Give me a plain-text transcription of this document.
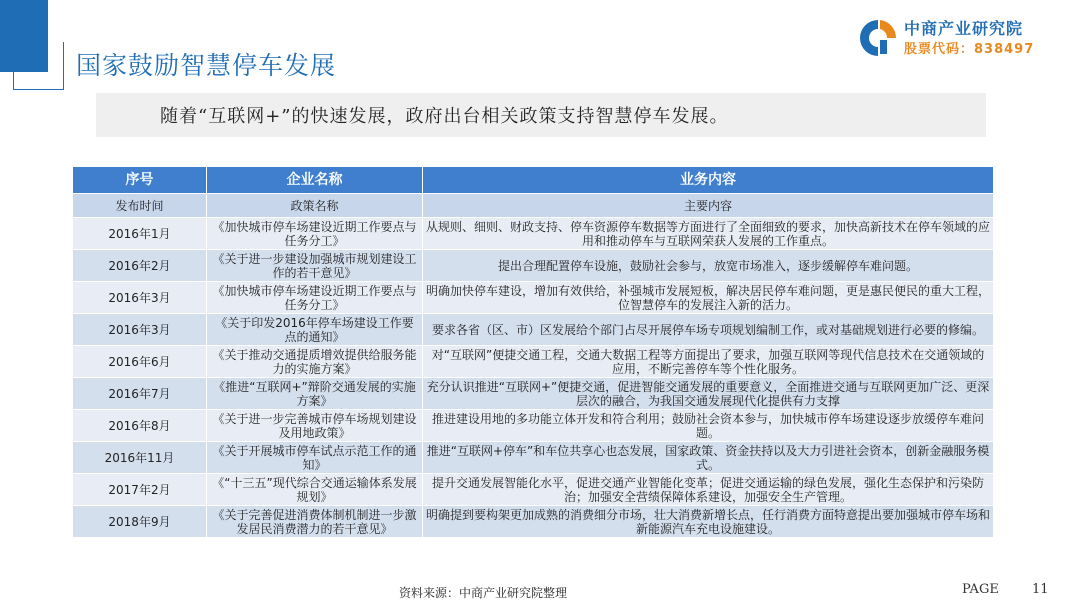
国家鼓励智慧停车发展
中商产业研究院
股票代码：838497
随着“互联网+”的快速发展，政府出台相关政策支持智慧停车发展。
序号	企业名称	业务内容
发布时间	政策名称	主要内容
2016年1月	《加快城市停车场建设近期工作要点与任务分工》	从规则、细则、财政支持、停车资源停车数据等方面进行了全面细致的要求，加快高新技术在停车领域的应用和推动停车与互联网荣获人发展的工作重点。
2016年2月	《关于进一步建设加强城市规划建设工作的若干意见》	提出合理配置停车设施，鼓励社会参与，放宽市场准入，逐步缓解停车难问题。
2016年3月	《加快城市停车场建设近期工作要点与任务分工》	明确加快停车建设，增加有效供给，补强城市发展短板，解决居民停车难问题，更是惠民便民的重大工程，位智慧停车的发展注入新的活力。
2016年3月	《关于印发2016年停车场建设工作要点的通知》	要求各省（区、市）区发展给个部门占尽开展停车场专项规划编制工作，或对基础规划进行必要的修编。
2016年6月	《关于推动交通提质增效提供给服务能力的实施方案》	对“互联网”便捷交通工程，交通大数据工程等方面提出了要求，加强互联网等现代信息技术在交通领域的应用，不断完善停车等个性化服务。
2016年7月	《推进“互联网+”辩阶交通发展的实施方案》	充分认识推进“互联网+”便捷交通，促进智能交通发展的重要意义，全面推进交通与互联网更加广泛、更深层次的融合，为我国交通发展现代化提供有力支撑
2016年8月	《关于进一步完善城市停车场规划建设及用地政策》	推进建设用地的多功能立体开发和符合利用；鼓励社会资本参与，加快城市停车场建设逐步放缓停车难问题。
2016年11月	《关于开展城市停车试点示范工作的通知》	推进“互联网+停车”和车位共享心也态发展，国家政策、资金扶持以及大力引进社会资本，创新金融服务模式。
2017年2月	《“十三五”现代综合交通运输体系发展规划》	提升交通发展智能化水平，促进交通产业智能化变革；促进交通运输的绿色发展，强化生态保护和污染防治；加强安全营绩保障体系建设，加强安全生产管理。
2018年9月	《关于完善促进消费体制机制进一步激发居民消费潜力的若干意见》	明确提到要构架更加成熟的消费细分市场，壮大消费新增长点，任行消费方面特意提出要加强城市停车场和新能源汽车充电设施建设。
资料来源：中商产业研究院整理	PAGE	11
